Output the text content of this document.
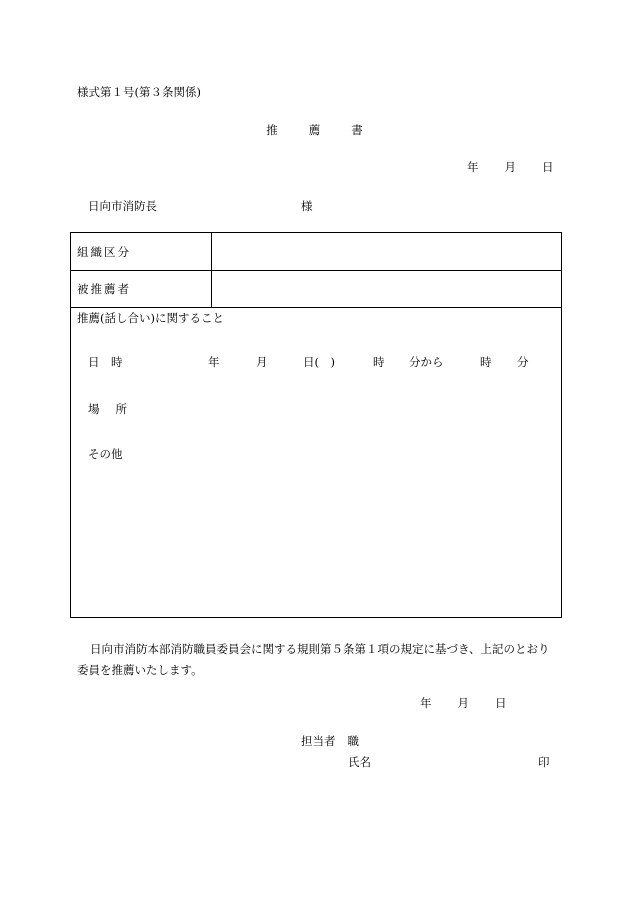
様式第１号(第３条関係)
推	薦	書
年 月 日
日向市消防長	様
組織区分
被推薦者
推薦(話し合い)に関すること
日　時	年	月	日(　)	時 分から	時 分
場 所
その他
日向市消防本部消防職員委員会に関する規則第５条第１項の規定に基づき、上記のとおり委員を推薦いたします。
年 月 日
担当者 職
氏名	印
